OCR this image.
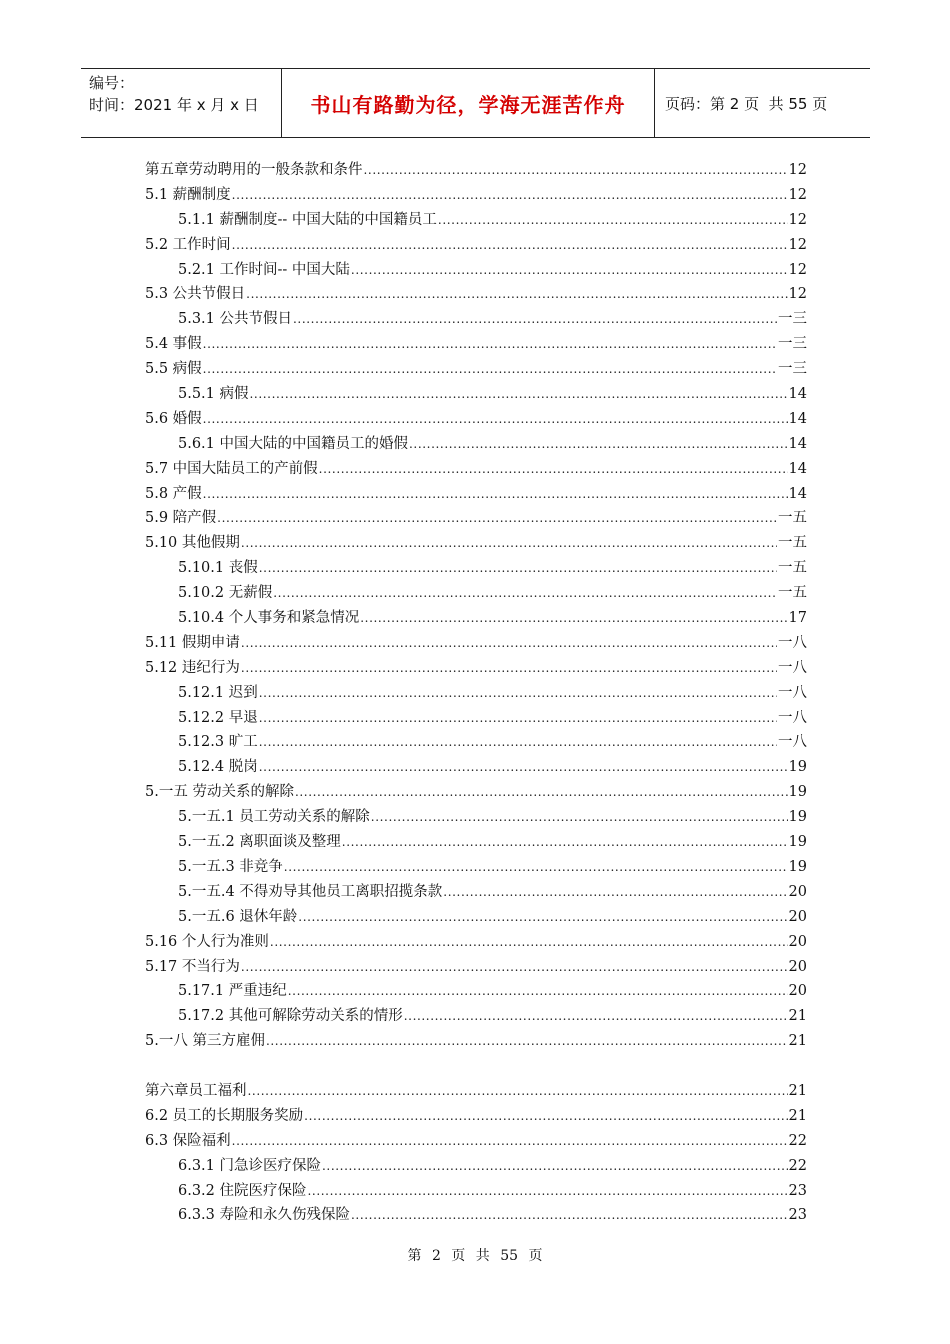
编号：
时间：2021 年 x 月 x 日	书山有路勤为径，学海无涯苦作舟	页码：第 2 页  共 55 页
第五章劳动聘用的一般条款和条件 .....	12
5.1 薪酬制度 .....	12
5.1.1 薪酬制度-- 中国大陆的中国籍员工 .....	12
5.2 工作时间 .....	12
5.2.1 工作时间-- 中国大陆 .....	12
5.3 公共节假日 .....	12
5.3.1 公共节假日 .....	一三
5.4 事假 .....	一三
5.5 病假 .....	一三
5.5.1 病假 .....	14
5.6 婚假 .....	14
5.6.1 中国大陆的中国籍员工的婚假 .....	14
5.7 中国大陆员工的产前假 .....	14
5.8 产假 .....	14
5.9 陪产假 .....	一五
5.10 其他假期 .....	一五
5.10.1 丧假 .....	一五
5.10.2 无薪假 .....	一五
5.10.4 个人事务和紧急情况 .....	17
5.11 假期申请 .....	一八
5.12 违纪行为 .....	一八
5.12.1 迟到 .....	一八
5.12.2 早退 .....	一八
5.12.3 旷工 .....	一八
5.12.4 脱岗 .....	19
5.一五 劳动关系的解除 .....	19
5.一五.1 员工劳动关系的解除 .....	19
5.一五.2 离职面谈及整理 .....	19
5.一五.3 非竞争 .....	19
5.一五.4 不得劝导其他员工离职招揽条款 .....	20
5.一五.6 退休年龄 .....	20
5.16 个人行为准则 .....	20
5.17 不当行为 .....	20
5.17.1 严重违纪 .....	20
5.17.2 其他可解除劳动关系的情形 .....	21
5.一八 第三方雇佣 .....	21
第六章员工福利 .....	21
6.2 员工的长期服务奖励 .....	21
6.3 保险福利 .....	22
6.3.1 门急诊医疗保险 .....	22
6.3.2 住院医疗保险 .....	23
6.3.3 寿险和永久伤残保险 .....	23
第 2 页 共 55 页
